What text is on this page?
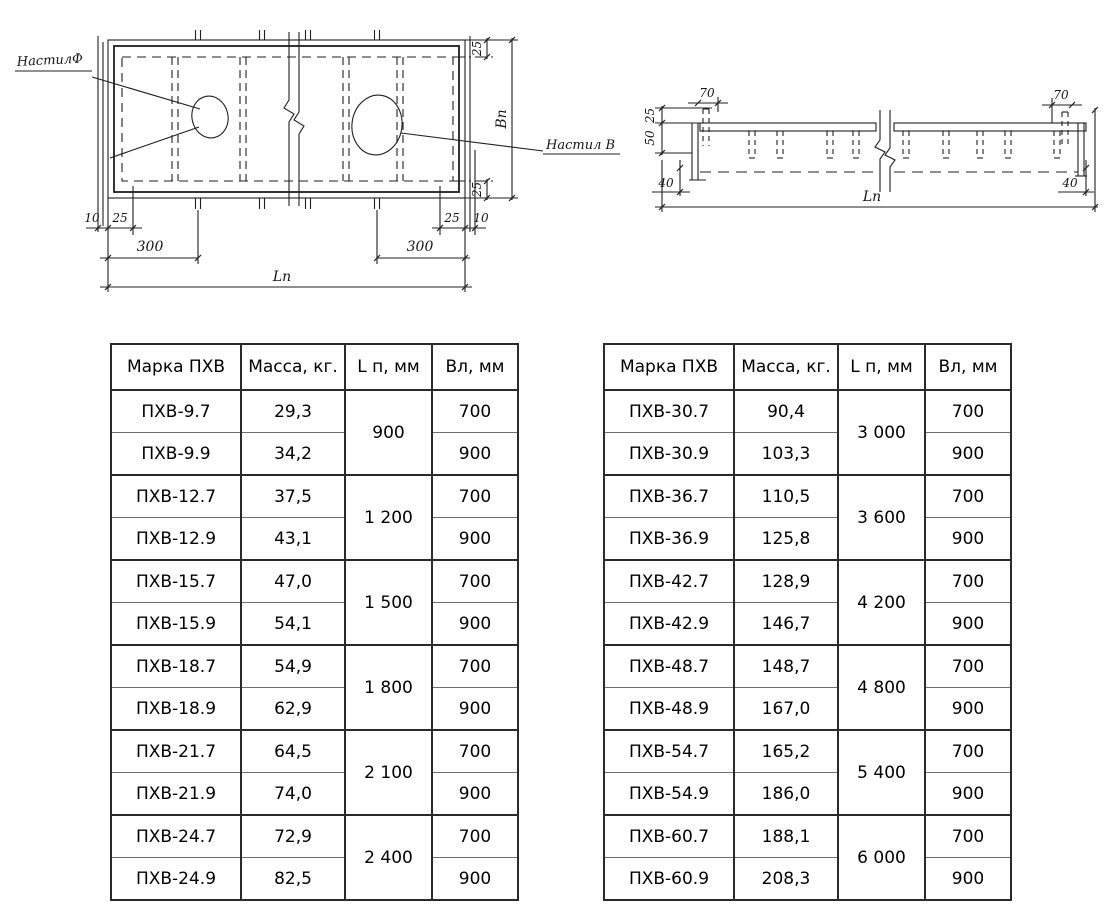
НастилФ
Настил В
25
25
Вп
10 25	25 10
300	300
Lп
25
50
70	70
40	40
Lп
Марка ПХВ	Масса, кг.	L п, мм	Вл, мм
ПХВ-9.7	29,3	900	700
ПХВ-9.9	34,2		900
ПХВ-12.7	37,5	1 200	700
ПХВ-12.9	43,1		900
ПХВ-15.7	47,0	1 500	700
ПХВ-15.9	54,1		900
ПХВ-18.7	54,9	1 800	700
ПХВ-18.9	62,9		900
ПХВ-21.7	64,5	2 100	700
ПХВ-21.9	74,0		900
ПХВ-24.7	72,9	2 400	700
ПХВ-24.9	82,5		900
Марка ПХВ	Масса, кг.	L п, мм	Вл, мм
ПХВ-30.7	90,4	3 000	700
ПХВ-30.9	103,3		900
ПХВ-36.7	110,5	3 600	700
ПХВ-36.9	125,8		900
ПХВ-42.7	128,9	4 200	700
ПХВ-42.9	146,7		900
ПХВ-48.7	148,7	4 800	700
ПХВ-48.9	167,0		900
ПХВ-54.7	165,2	5 400	700
ПХВ-54.9	186,0		900
ПХВ-60.7	188,1	6 000	700
ПХВ-60.9	208,3		900
